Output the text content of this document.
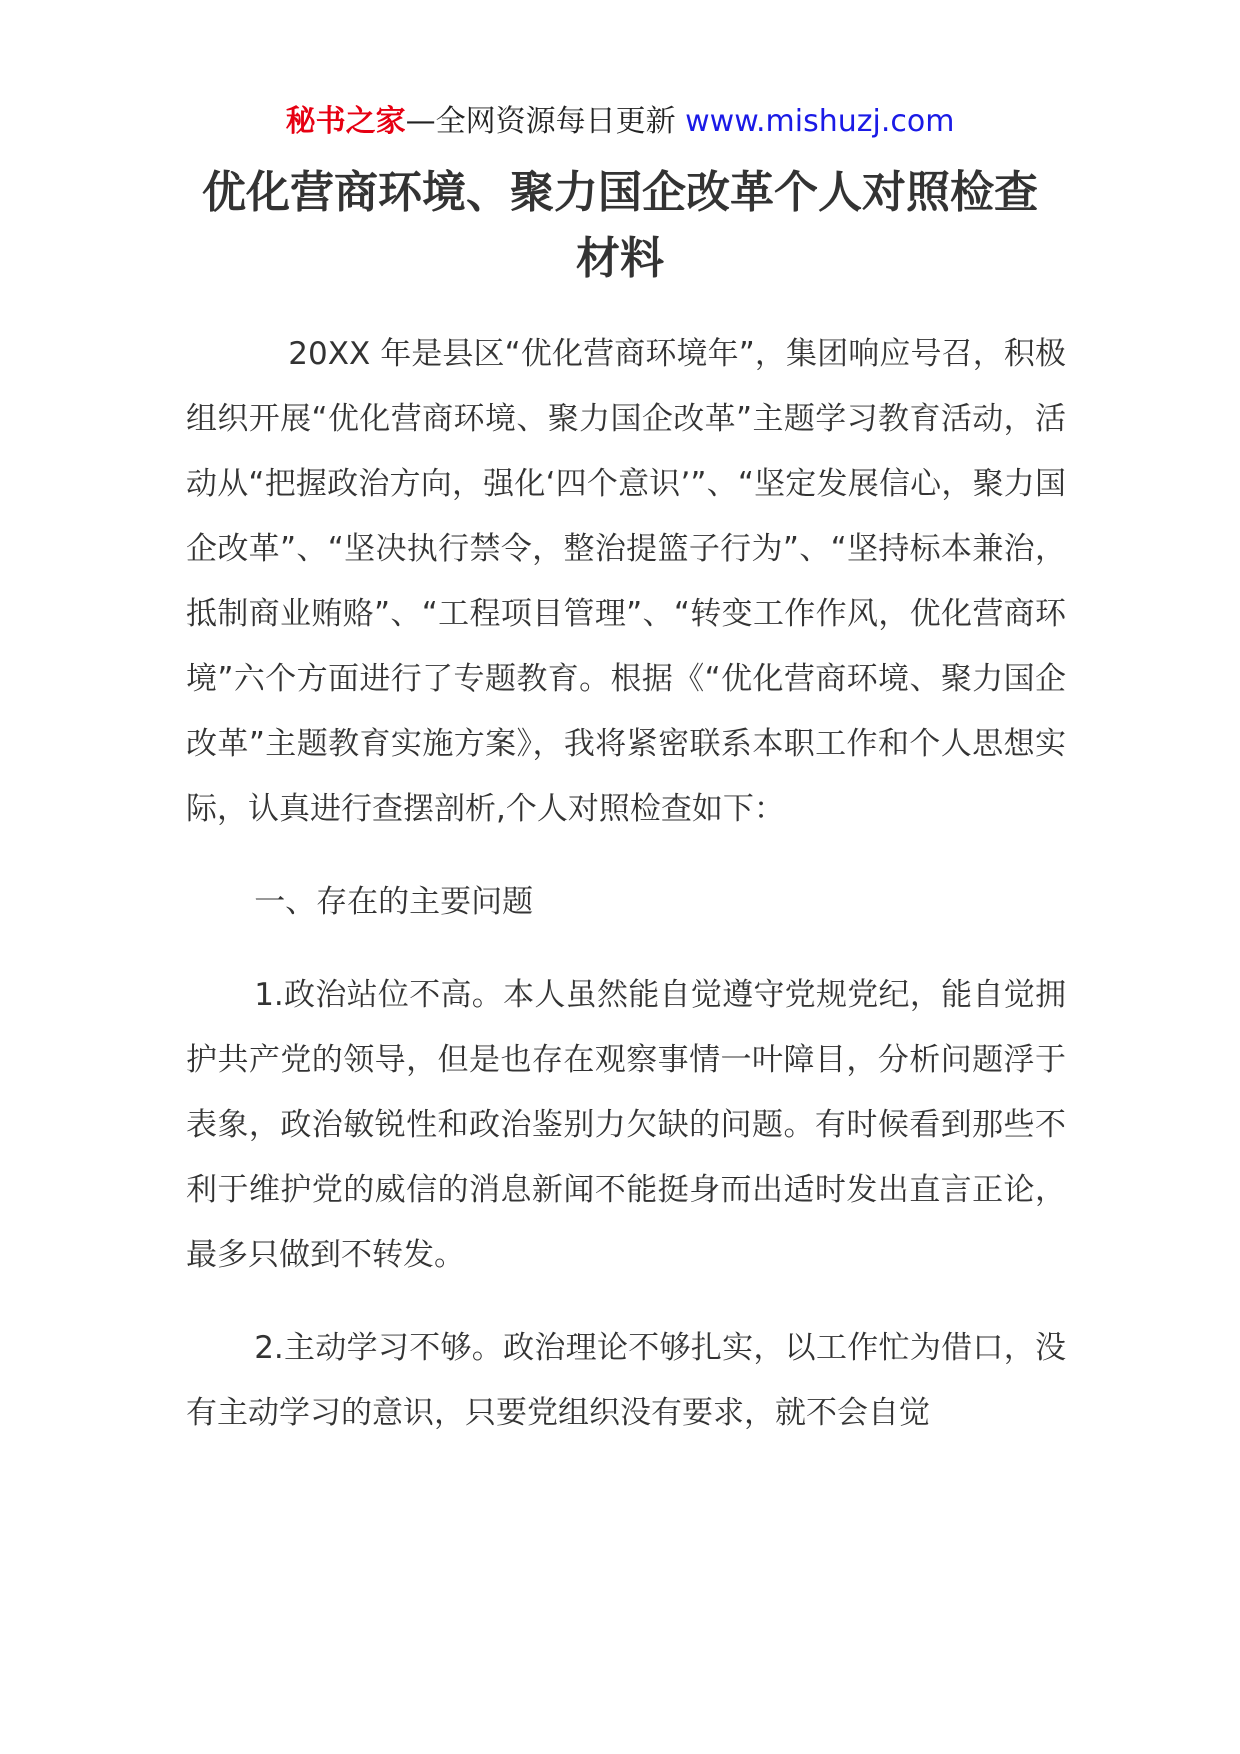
秘书之家—全网资源每日更新 www.mishuzj.com
优化营商环境、聚力国企改革个人对照检查材料

20XX 年是县区“优化营商环境年”，集团响应号召，积极组织开展“优化营商环境、聚力国企改革”主题学习教育活动，活动从“把握政治方向，强化‘四个意识’”、“坚定发展信心，聚力国企改革”、“坚决执行禁令，整治提篮子行为”、“坚持标本兼治，抵制商业贿赂”、“工程项目管理”、“转变工作作风，优化营商环境”六个方面进行了专题教育。根据《“优化营商环境、聚力国企改革”主题教育实施方案》，我将紧密联系本职工作和个人思想实际，认真进行查摆剖析,个人对照检查如下：

一、存在的主要问题

1.政治站位不高。本人虽然能自觉遵守党规党纪，能自觉拥护共产党的领导，但是也存在观察事情一叶障目，分析问题浮于表象，政治敏锐性和政治鉴别力欠缺的问题。有时候看到那些不利于维护党的威信的消息新闻不能挺身而出适时发出直言正论，最多只做到不转发。

2.主动学习不够。政治理论不够扎实，以工作忙为借口，没有主动学习的意识，只要党组织没有要求，就不会自觉
